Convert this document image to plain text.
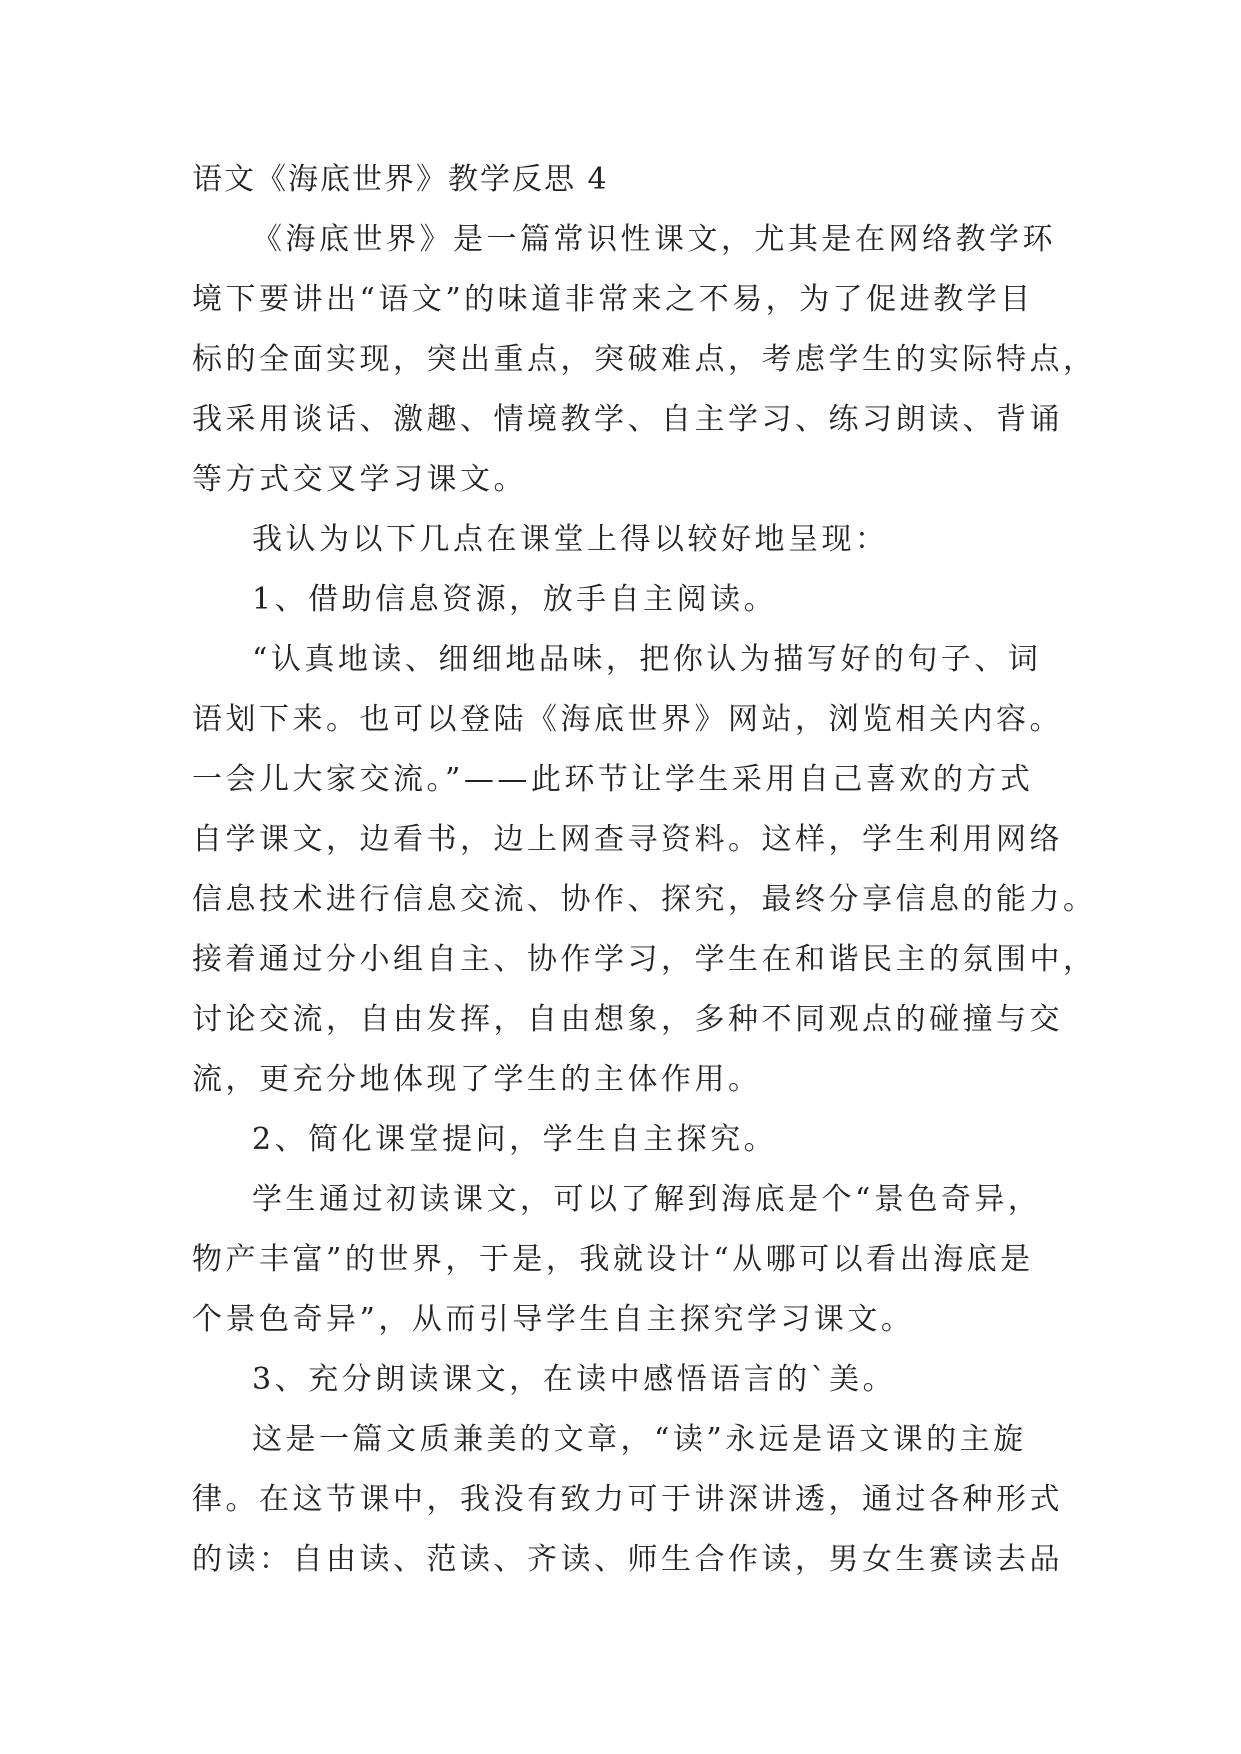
语文《海底世界》教学反思 4

《海底世界》是一篇常识性课文，尤其是在网络教学环

境下要讲出“语文”的味道非常来之不易，为了促进教学目

标的全面实现，突出重点，突破难点，考虑学生的实际特点，

我采用谈话、激趣、情境教学、自主学习、练习朗读、背诵

等方式交叉学习课文。

我认为以下几点在课堂上得以较好地呈现：

1、借助信息资源，放手自主阅读。

“认真地读、细细地品味，把你认为描写好的句子、词

语划下来。也可以登陆《海底世界》网站，浏览相关内容。

一会儿大家交流。”——此环节让学生采用自己喜欢的方式

自学课文，边看书，边上网查寻资料。这样，学生利用网络

信息技术进行信息交流、协作、探究，最终分享信息的能力。

接着通过分小组自主、协作学习，学生在和谐民主的氛围中，

讨论交流，自由发挥，自由想象，多种不同观点的碰撞与交

流，更充分地体现了学生的主体作用。

2、简化课堂提问，学生自主探究。

学生通过初读课文，可以了解到海底是个“景色奇异，

物产丰富”的世界，于是，我就设计“从哪可以看出海底是

个景色奇异”，从而引导学生自主探究学习课文。

3、充分朗读课文，在读中感悟语言的`美。

这是一篇文质兼美的文章，“读”永远是语文课的主旋

律。在这节课中，我没有致力可于讲深讲透，通过各种形式

的读：自由读、范读、齐读、师生合作读，男女生赛读去品
